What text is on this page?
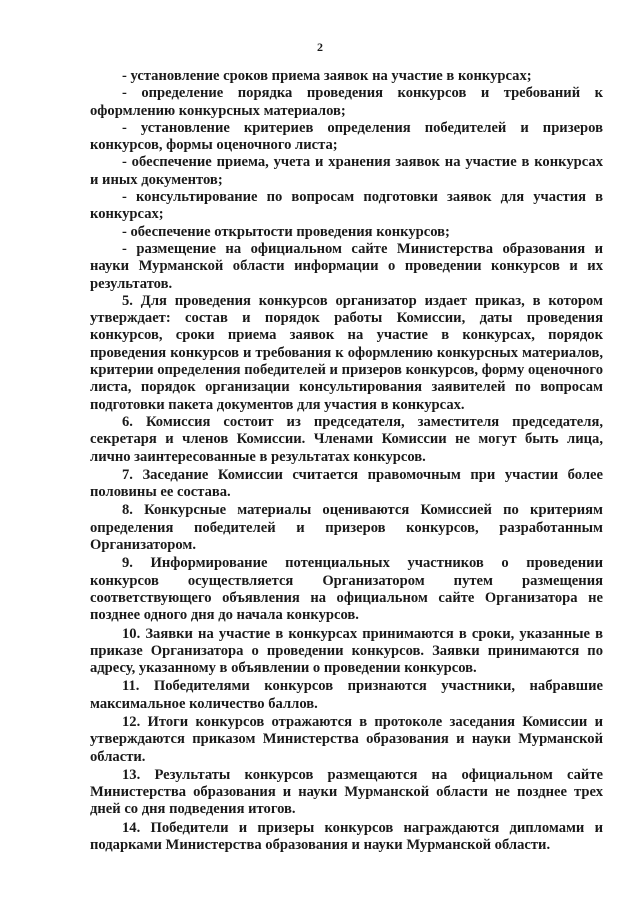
2

- установление сроков приема заявок на участие в конкурсах;

- определение порядка проведения конкурсов и требований к оформлению конкурсных материалов;

- установление критериев определения победителей и призеров конкурсов, формы оценочного листа;

- обеспечение приема, учета и хранения заявок на участие в конкурсах и иных документов;

- консультирование по вопросам подготовки заявок для участия в конкурсах;

- обеспечение открытости проведения конкурсов;

- размещение на официальном сайте Министерства образования и науки Мурманской области информации о проведении конкурсов и их результатов.

5. Для проведения конкурсов организатор издает приказ, в котором утверждает: состав и порядок работы Комиссии, даты проведения конкурсов, сроки приема заявок на участие в конкурсах, порядок проведения конкурсов и требования к оформлению конкурсных материалов, критерии определения победителей и призеров конкурсов, форму оценочного листа, порядок организации консультирования заявителей по вопросам подготовки пакета документов для участия в конкурсах.

6. Комиссия состоит из председателя, заместителя председателя, секретаря и членов Комиссии. Членами Комиссии не могут быть лица, лично заинтересованные в результатах конкурсов.

7. Заседание Комиссии считается правомочным при участии более половины ее состава.

8. Конкурсные материалы оцениваются Комиссией по критериям определения победителей и призеров конкурсов, разработанным Организатором.

9. Информирование потенциальных участников о проведении конкурсов осуществляется Организатором путем размещения соответствующего объявления на официальном сайте Организатора не позднее одного дня до начала конкурсов.

10. Заявки на участие в конкурсах принимаются в сроки, указанные в приказе Организатора о проведении конкурсов. Заявки принимаются по адресу, указанному в объявлении о проведении конкурсов.

11. Победителями конкурсов признаются участники, набравшие максимальное количество баллов.

12. Итоги конкурсов отражаются в протоколе заседания Комиссии и утверждаются приказом Министерства образования и науки Мурманской области.

13. Результаты конкурсов размещаются на официальном сайте Министерства образования и науки Мурманской области не позднее трех дней со дня подведения итогов.

14. Победители и призеры конкурсов награждаются дипломами и подарками Министерства образования и науки Мурманской области.
